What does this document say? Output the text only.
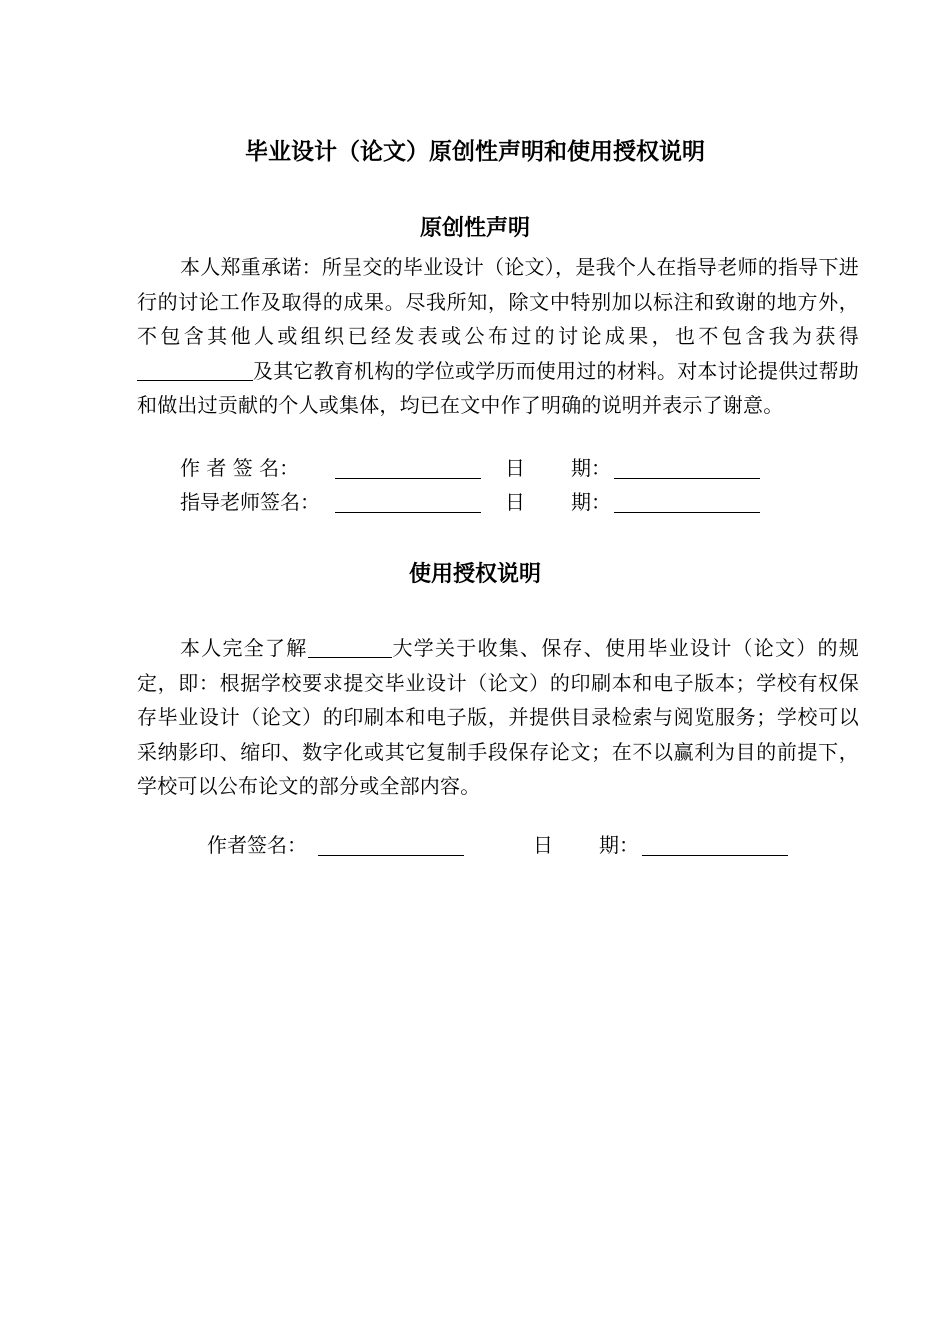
毕业设计（论文）原创性声明和使用授权说明
原创性声明

本人郑重承诺：所呈交的毕业设计（论文），是我个人在指导老师的指导下进行的讨论工作及取得的成果。尽我所知，除文中特别加以标注和致谢的地方外，不包含其他人或组织已经发表或公布过的讨论成果，也不包含我为获得及其它教育机构的学位或学历而使用过的材料。对本讨论提供过帮助和做出过贡献的个人或集体，均已在文中作了明确的说明并表示了谢意。

作 者 签 名：	日 期：
指导老师签名：	日 期：
使用授权说明

本人完全了解	大学关于收集、保存、使用毕业设计（论文）的规定，即：根据学校要求提交毕业设计（论文）的印刷本和电子版本；学校有权保存毕业设计（论文）的印刷本和电子版，并提供目录检索与阅览服务；学校可以采纳影印、缩印、数字化或其它复制手段保存论文；在不以赢利为目的前提下，学校可以公布论文的部分或全部内容。

作者签名：	日 期：
